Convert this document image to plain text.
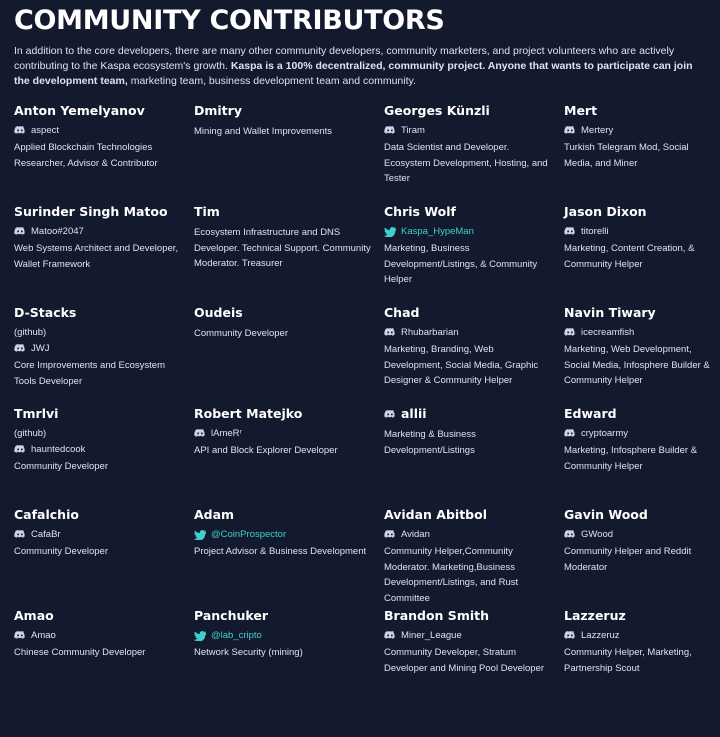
COMMUNITY CONTRIBUTORS
In addition to the core developers, there are many other community developers, community marketers, and project volunteers who are actively contributing to the Kaspa ecosystem's growth. Kaspa is a 100% decentralized, community project. Anyone that wants to participate can join the development team, marketing team, business development team and community.
Anton Yemelyanov
aspect
Applied Blockchain Technologies Researcher, Advisor & Contributor
Dmitry
Mining and Wallet Improvements
Georges Künzli
Tiram
Data Scientist and Developer. Ecosystem Development, Hosting, and Tester
Mert
Mertery
Turkish Telegram Mod, Social Media, and Miner
Surinder Singh Matoo
Matoo#2047
Web Systems Architect and Developer, Wallet Framework
Tim
Ecosystem Infrastructure and DNS Developer. Technical Support. Community Moderator. Treasurer
Chris Wolf
Kaspa_HypeMan
Marketing, Business Development/Listings, & Community Helper
Jason Dixon
titorelli
Marketing, Content Creation, & Community Helper
D-Stacks
(github)
JWJ
Core Improvements and Ecosystem Tools Developer
Oudeis
Community Developer
Chad
Rhubarbarian
Marketing, Branding, Web Development, Social Media, Graphic Designer & Community Helper
Navin Tiwary
icecreamfish
Marketing, Web Development, Social Media, Infosphere Builder & Community Helper
Tmrlvi
(github)
hauntedcook
Community Developer
Robert Matejko
lAmeRʳ
API and Block Explorer Developer
allii
Marketing & Business Development/Listings
Edward
cryptoarmy
Marketing, Infosphere Builder & Community Helper
Cafalchio
CafaBr
Community Developer
Adam
@CoinProspector
Project Advisor & Business Development
Avidan Abitbol
Avidan
Community Helper,Community Moderator. Marketing,Business Development/Listings, and Rust Committee
Gavin Wood
GWood
Community Helper and Reddit Moderator
Amao
Amao
Chinese Community Developer
Panchuker
@lab_cripto
Network Security (mining)
Brandon Smith
Miner_League
Community Developer, Stratum Developer and Mining Pool Developer
Lazzeruz
Lazzeruz
Community Helper, Marketing, Partnership Scout
